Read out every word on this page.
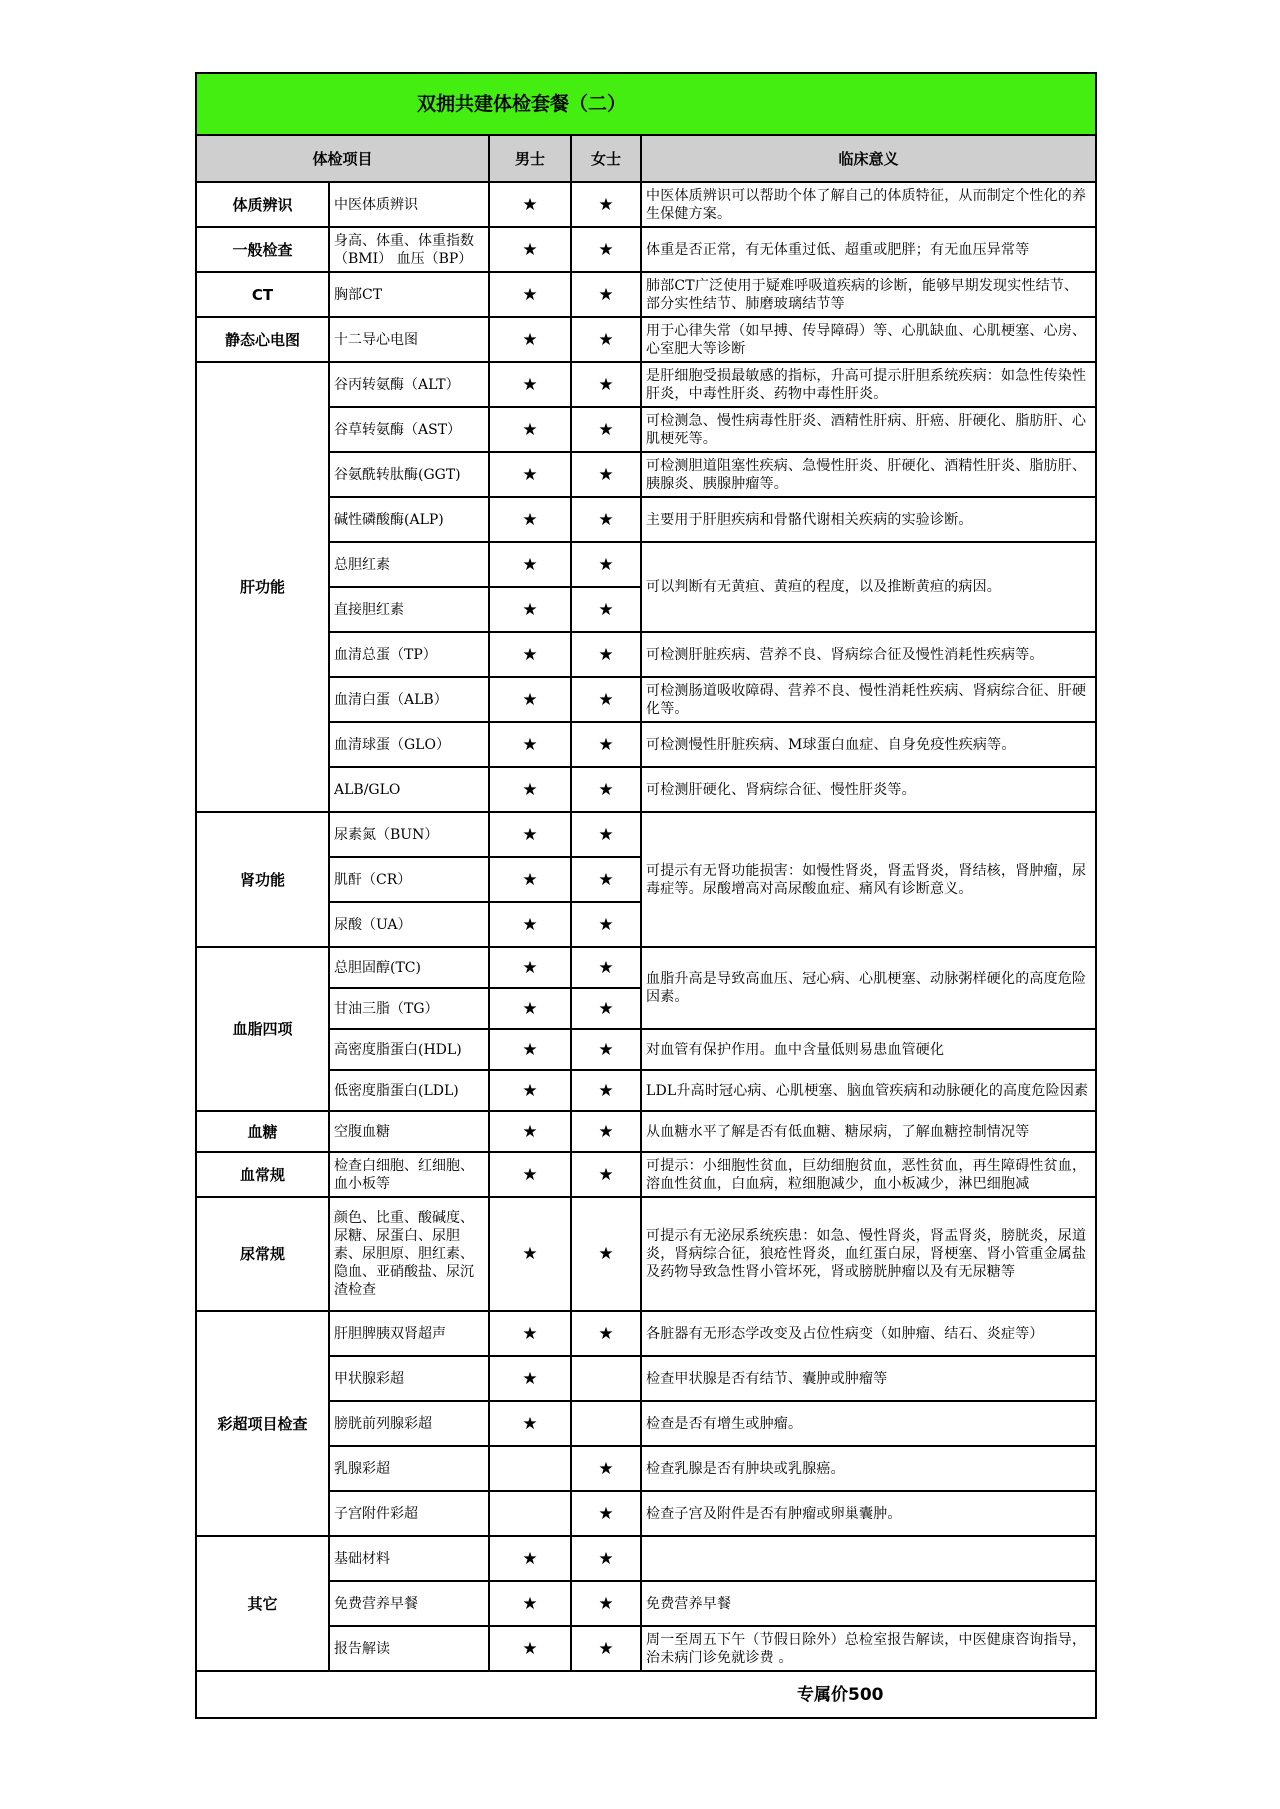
双拥共建体检套餐（二）				
体检项目		男士	女士	临床意义
体质辨识	中医体质辨识	★	★	中医体质辨识可以帮助个体了解自己的体质特征，从而制定个性化的养生保健方案。
一般检查	身高、体重、体重指数（BMI） 血压（BP）	★	★	体重是否正常，有无体重过低、超重或肥胖；有无血压异常等
CT	胸部CT	★	★	肺部CT广泛使用于疑难呼吸道疾病的诊断，能够早期发现实性结节、部分实性结节、肺磨玻璃结节等
静态心电图	十二导心电图	★	★	用于心律失常（如早搏、传导障碍）等、心肌缺血、心肌梗塞、心房、心室肥大等诊断
肝功能	谷丙转氨酶（ALT）	★	★	是肝细胞受损最敏感的指标，升高可提示肝胆系统疾病：如急性传染性肝炎，中毒性肝炎、药物中毒性肝炎。
	谷草转氨酶（AST）	★	★	可检测急、慢性病毒性肝炎、酒精性肝病、肝癌、肝硬化、脂肪肝、心肌梗死等。
	谷氨酰转肽酶(GGT)	★	★	可检测胆道阻塞性疾病、急慢性肝炎、肝硬化、酒精性肝炎、脂肪肝、胰腺炎、胰腺肿瘤等。
	碱性磷酸酶(ALP)	★	★	主要用于肝胆疾病和骨骼代谢相关疾病的实验诊断。
	总胆红素	★	★	可以判断有无黄疸、黄疸的程度，以及推断黄疸的病因。
	直接胆红素	★	★	
	血清总蛋（TP）	★	★	可检测肝脏疾病、营养不良、肾病综合征及慢性消耗性疾病等。
	血清白蛋（ALB）	★	★	可检测肠道吸收障碍、营养不良、慢性消耗性疾病、肾病综合征、肝硬化等。
	血清球蛋（GLO）	★	★	可检测慢性肝脏疾病、M球蛋白血症、自身免疫性疾病等。
	ALB/GLO	★	★	可检测肝硬化、肾病综合征、慢性肝炎等。
肾功能	尿素氮（BUN）	★	★	可提示有无肾功能损害：如慢性肾炎，肾盂肾炎，肾结核，肾肿瘤，尿毒症等。尿酸增高对高尿酸血症、痛风有诊断意义。
	肌酐（CR）	★	★	
	尿酸（UA）	★	★	
血脂四项	总胆固醇(TC)	★	★	血脂升高是导致高血压、冠心病、心肌梗塞、动脉粥样硬化的高度危险因素。
	甘油三脂（TG）	★	★	
	高密度脂蛋白(HDL)	★	★	对血管有保护作用。血中含量低则易患血管硬化
	低密度脂蛋白(LDL)	★	★	LDL升高时冠心病、心肌梗塞、脑血管疾病和动脉硬化的高度危险因素
血糖	空腹血糖	★	★	从血糖水平了解是否有低血糖、糖尿病，了解血糖控制情况等
血常规	检查白细胞、红细胞、血小板等	★	★	可提示：小细胞性贫血，巨幼细胞贫血，恶性贫血，再生障碍性贫血，溶血性贫血，白血病，粒细胞减少，血小板减少，淋巴细胞减
尿常规	颜色、比重、酸碱度、尿糖、尿蛋白、尿胆素、尿胆原、胆红素、隐血、亚硝酸盐、尿沉渣检查	★	★	可提示有无泌尿系统疾患：如急、慢性肾炎，肾盂肾炎，膀胱炎，尿道炎，肾病综合征，狼疮性肾炎，血红蛋白尿，肾梗塞、肾小管重金属盐及药物导致急性肾小管坏死，肾或膀胱肿瘤以及有无尿糖等
彩超项目检查	肝胆脾胰双肾超声	★	★	各脏器有无形态学改变及占位性病变（如肿瘤、结石、炎症等）
	甲状腺彩超	★		检查甲状腺是否有结节、囊肿或肿瘤等
	膀胱前列腺彩超	★		检查是否有增生或肿瘤。
	乳腺彩超		★	检查乳腺是否有肿块或乳腺癌。
	子宫附件彩超		★	检查子宫及附件是否有肿瘤或卵巢囊肿。
其它	基础材料	★	★	
	免费营养早餐	★	★	免费营养早餐
	报告解读	★	★	周一至周五下午（节假日除外）总检室报告解读，中医健康咨询指导，治未病门诊免就诊费 。
专属价500				
